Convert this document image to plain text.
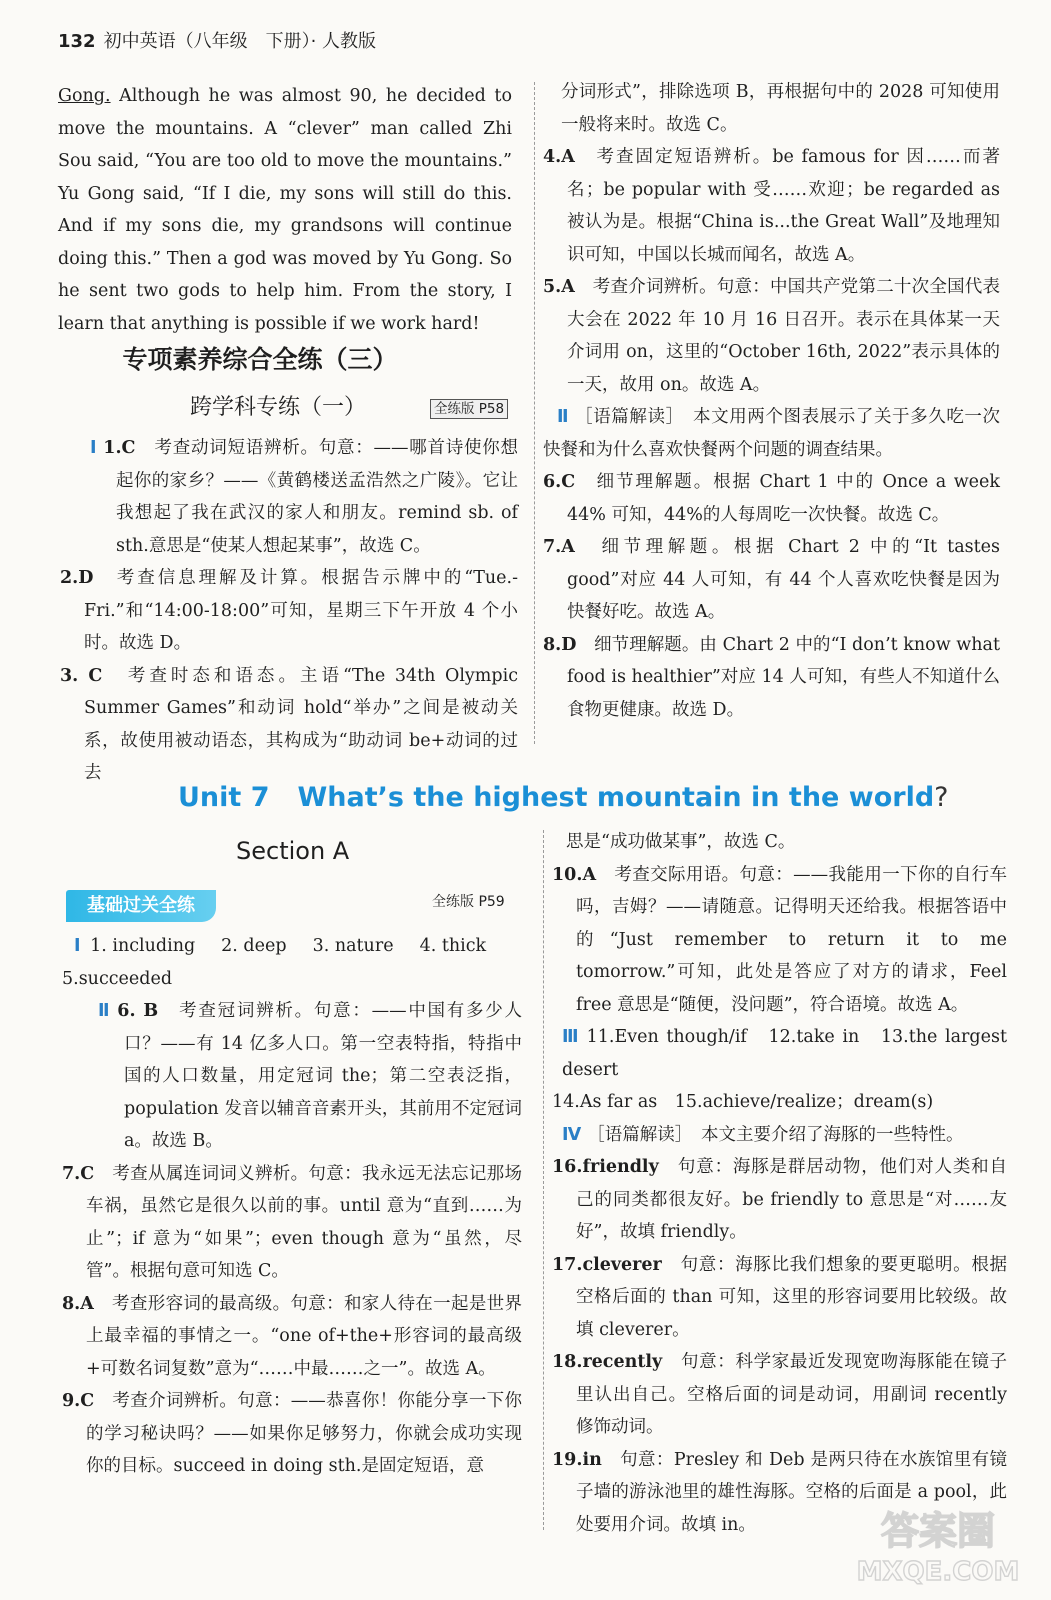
132 初中英语（八年级　下册）· 人教版

Gong. Although he was almost 90, he decided to move the mountains. A “clever” man called Zhi Sou said, “You are too old to move the mountains.” Yu Gong said, “If I die, my sons will still do this. And if my sons die, my grandsons will continue doing this.” Then a god was moved by Yu Gong. So he sent two gods to help him. From the story, I learn that anything is possible if we work hard!

专项素养综合全练（三）
跨学科专练（一）	全练版 P58

Ⅰ 1.C　 考查动词短语辨析。句意：——哪首诗使你想起你的家乡？——《黄鹤楼送孟浩然之广陵》。它让我想起了我在武汉的家人和朋友。remind sb. of sth.意思是“使某人想起某事”，故选 C。

2.D　 考查信息理解及计算。根据告示牌中的“Tue.-Fri.”和“14:00-18:00”可知，星期三下午开放 4 个小时。故选 D。

3. C　 考查时态和语态。主语“The 34th Olympic Summer Games”和动词 hold“举办”之间是被动关系，故使用被动语态，其构成为“助动词 be+动词的过去

分词形式”，排除选项 B，再根据句中的 2028 可知使用一般将来时。故选 C。

4.A　 考查固定短语辨析。be famous for 因……而著名；be popular with 受……欢迎；be regarded as 被认为是。根据“China is...the Great Wall”及地理知识可知，中国以长城而闻名，故选 A。

5.A　 考查介词辨析。句意：中国共产党第二十次全国代表大会在 2022 年 10 月 16 日召开。表示在具体某一天介词用 on，这里的“October 16th, 2022”表示具体的一天，故用 on。故选 A。

Ⅱ ［语篇解读］　本文用两个图表展示了关于多久吃一次快餐和为什么喜欢快餐两个问题的调查结果。

6.C　 细节理解题。根据 Chart 1 中的 Once a week 44% 可知，44%的人每周吃一次快餐。故选 C。

7.A　 细节理解题。根据 Chart 2 中的“It tastes good”对应 44 人可知，有 44 个人喜欢吃快餐是因为快餐好吃。故选 A。

8.D　 细节理解题。由 Chart 2 中的“I don’t know what food is healthier”对应 14 人可知，有些人不知道什么食物更健康。故选 D。

Unit 7 What’s the highest mountain in the world?
Section A
基础过关全练	全练版 P59

Ⅰ 1. including 2. deep 3. nature 4. thick

5.succeeded

Ⅱ 6. B　 考查冠词辨析。句意：——中国有多少人口？——有 14 亿多人口。第一空表特指，特指中国的人口数量，用定冠词 the；第二空表泛指，population 发音以辅音音素开头，其前用不定冠词 a。故选 B。

7.C　 考查从属连词词义辨析。句意：我永远无法忘记那场车祸，虽然它是很久以前的事。until 意为“直到……为止”；if 意为“如果”；even though 意为“虽然，尽管”。根据句意可知选 C。

8.A　 考查形容词的最高级。句意：和家人待在一起是世界上最幸福的事情之一。“one of+the+形容词的最高级+可数名词复数”意为“……中最……之一”。故选 A。

9.C　 考查介词辨析。句意：——恭喜你！你能分享一下你的学习秘诀吗？——如果你足够努力，你就会成功实现你的目标。succeed in doing sth.是固定短语，意

思是“成功做某事”，故选 C。

10.A　 考查交际用语。句意：——我能用一下你的自行车吗，吉姆？——请随意。记得明天还给我。根据答语中的“Just remember to return it to me tomorrow.”可知，此处是答应了对方的请求，Feel free 意思是“随便，没问题”，符合语境。故选 A。

Ⅲ 11.Even though/if　 12.take in　 13.the largest desert

14.As far as　 15.achieve/realize；dream(s)

Ⅳ ［语篇解读］　本文主要介绍了海豚的一些特性。

16.friendly　 句意：海豚是群居动物，他们对人类和自己的同类都很友好。be friendly to 意思是“对……友好”，故填 friendly。

17.cleverer　 句意：海豚比我们想象的要更聪明。根据空格后面的 than 可知，这里的形容词要用比较级。故填 cleverer。

18.recently　 句意：科学家最近发现宽吻海豚能在镜子里认出自己。空格后面的词是动词，用副词 recently 修饰动词。

19.in　 句意：Presley 和 Deb 是两只待在水族馆里有镜子墙的游泳池里的雄性海豚。空格的后面是 a pool，此处要用介词。故填 in。	答案圈
MXQE.COM
